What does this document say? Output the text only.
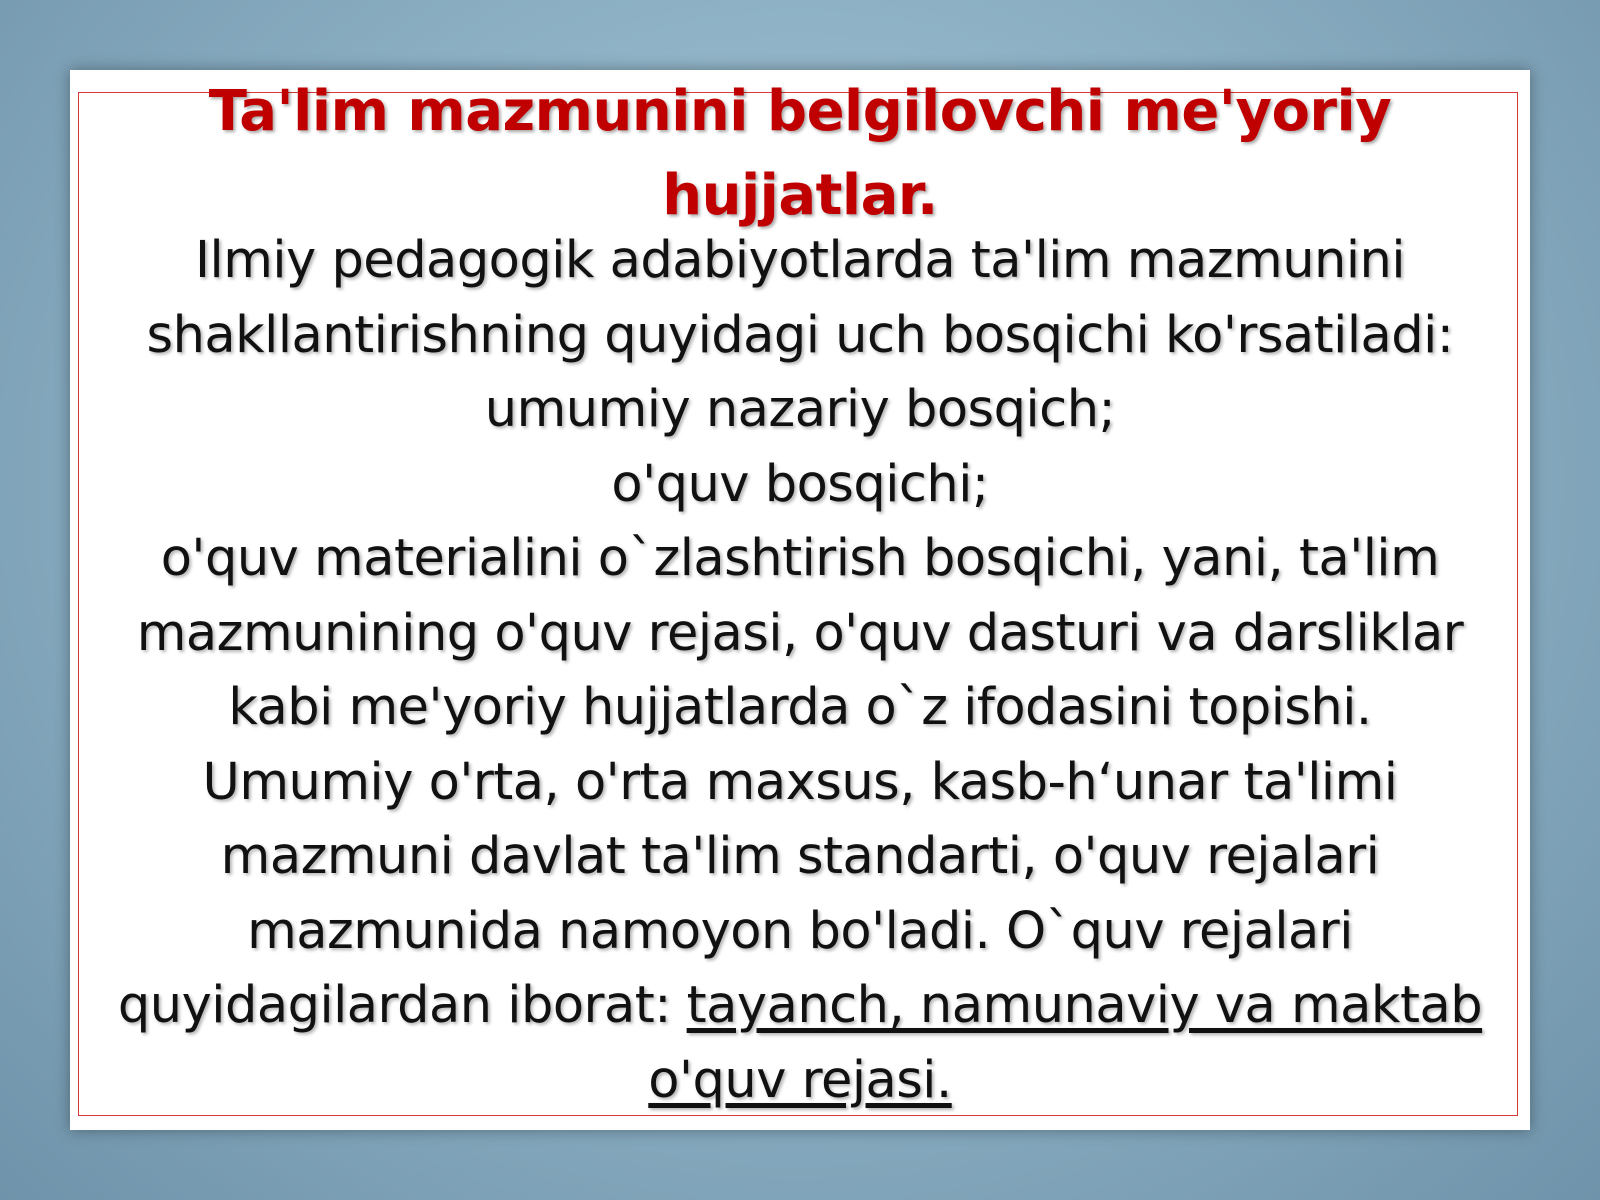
Ta'lim mazmunini belgilovchi me'yoriy
hujjatlar.
Ilmiy pedagogik adabiyotlarda ta'lim mazmunini shakllantirishning quyidagi uch bosqichi ko'rsatiladi:
umumiy nazariy bosqich;
o'quv bosqichi;
o'quv materialini o`zlashtirish bosqichi, yani, ta'lim mazmunining o'quv rejasi, o'quv dasturi va darsliklar kabi me'yoriy hujjatlarda o`z ifodasini topishi.
Umumiy o'rta, o'rta maxsus, kasb-h‘unar ta'limi mazmuni davlat ta'lim standarti, o'quv rejalari mazmunida namoyon bo'ladi. O`quv rejalari quyidagilardan iborat: tayanch, namunaviy va maktab o'quv rejasi.
